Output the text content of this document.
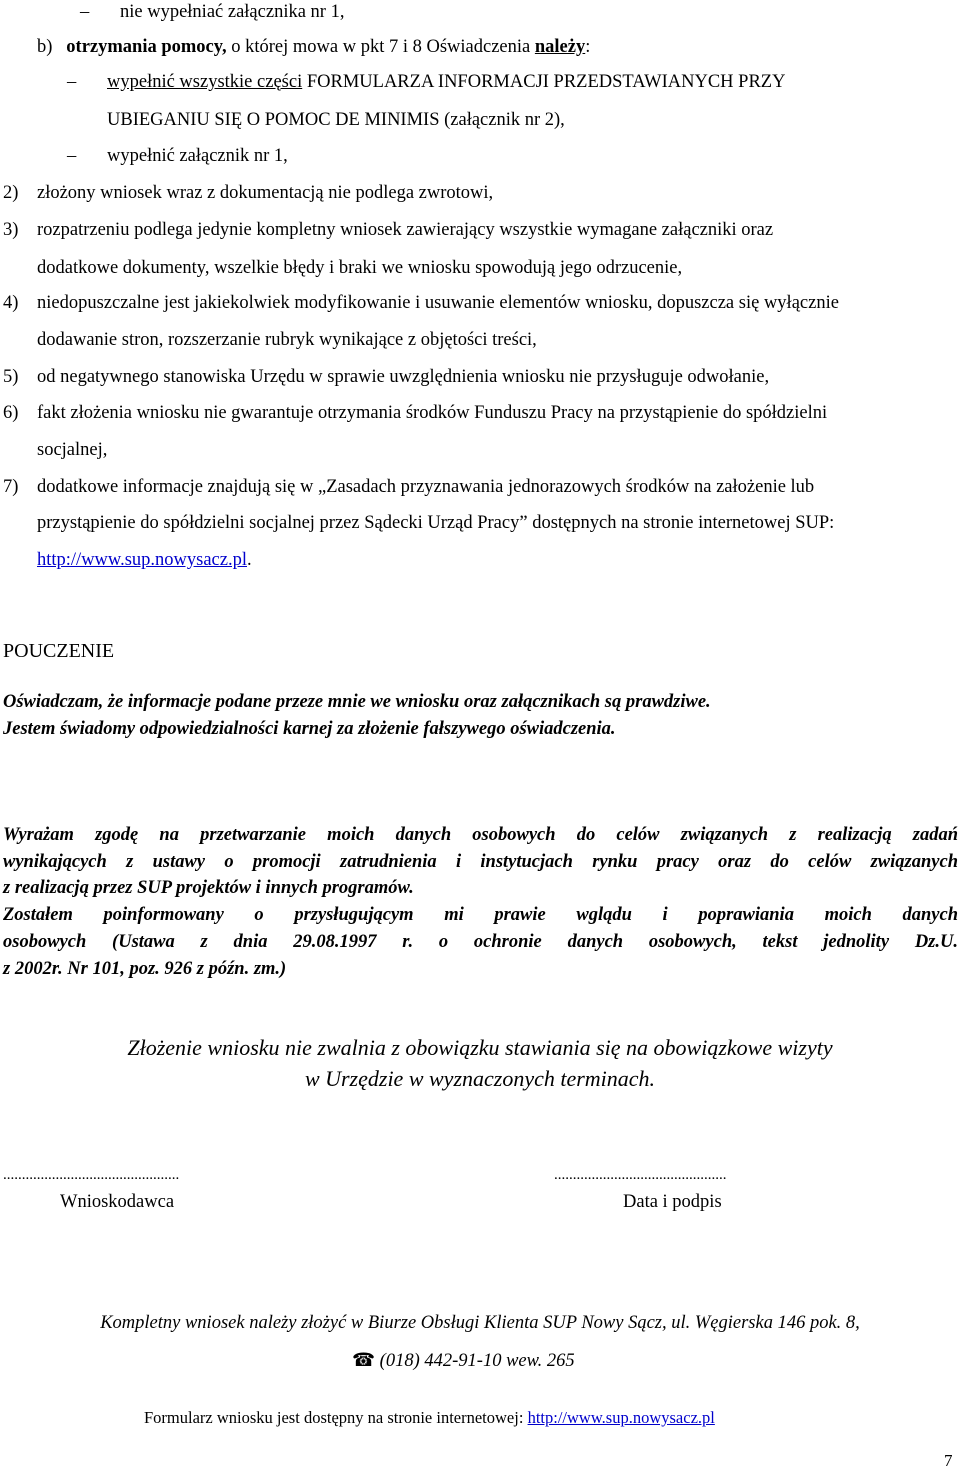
– nie wypełniać załącznika nr 1,
b) otrzymania pomocy, o której mowa w pkt 7 i 8 Oświadczenia należy:
– wypełnić wszystkie części FORMULARZA INFORMACJI PRZEDSTAWIANYCH PRZY
UBIEGANIU SIĘ O POMOC DE MINIMIS (załącznik nr 2),
– wypełnić załącznik nr 1,
2) złożony wniosek wraz z dokumentacją nie podlega zwrotowi,
3) rozpatrzeniu podlega jedynie kompletny wniosek zawierający wszystkie wymagane załączniki oraz
dodatkowe dokumenty, wszelkie błędy i braki we wniosku spowodują jego odrzucenie,
4) niedopuszczalne jest jakiekolwiek modyfikowanie i usuwanie elementów wniosku, dopuszcza się wyłącznie
dodawanie stron, rozszerzanie rubryk wynikające z objętości treści,
5) od negatywnego stanowiska Urzędu w sprawie uwzględnienia wniosku nie przysługuje odwołanie,
6) fakt złożenia wniosku nie gwarantuje otrzymania środków Funduszu Pracy na przystąpienie do spółdzielni
socjalnej,
7) dodatkowe informacje znajdują się w „Zasadach przyznawania jednorazowych środków na założenie lub
przystąpienie do spółdzielni socjalnej przez Sądecki Urząd Pracy” dostępnych na stronie internetowej SUP:
http://www.sup.nowysacz.pl.
POUCZENIE
Oświadczam, że informacje podane przeze mnie we wniosku oraz załącznikach są prawdziwe.
Jestem świadomy odpowiedzialności karnej za złożenie fałszywego oświadczenia.
Wyrażam zgodę na przetwarzanie moich danych osobowych do celów związanych z realizacją zadań
wynikających z ustawy o promocji zatrudnienia i instytucjach rynku pracy oraz do celów związanych
z realizacją przez SUP projektów i innych programów.
Zostałem poinformowany o przysługującym mi prawie wglądu i poprawiania moich danych
osobowych (Ustawa z dnia 29.08.1997 r. o ochronie danych osobowych, tekst jednolity Dz.U.
z 2002r. Nr 101, poz. 926 z późn. zm.)
Złożenie wniosku nie zwalnia z obowiązku stawiania się na obowiązkowe wizyty
w Urzędzie w wyznaczonych terminach.
...............................................
Wnioskodawca
..............................................
Data i podpis
Kompletny wniosek należy złożyć w Biurze Obsługi Klienta SUP Nowy Sącz, ul. Węgierska 146 pok. 8,
☎ (018) 442-91-10 wew. 265
Formularz wniosku jest dostępny na stronie internetowej: http://www.sup.nowysacz.pl
7
